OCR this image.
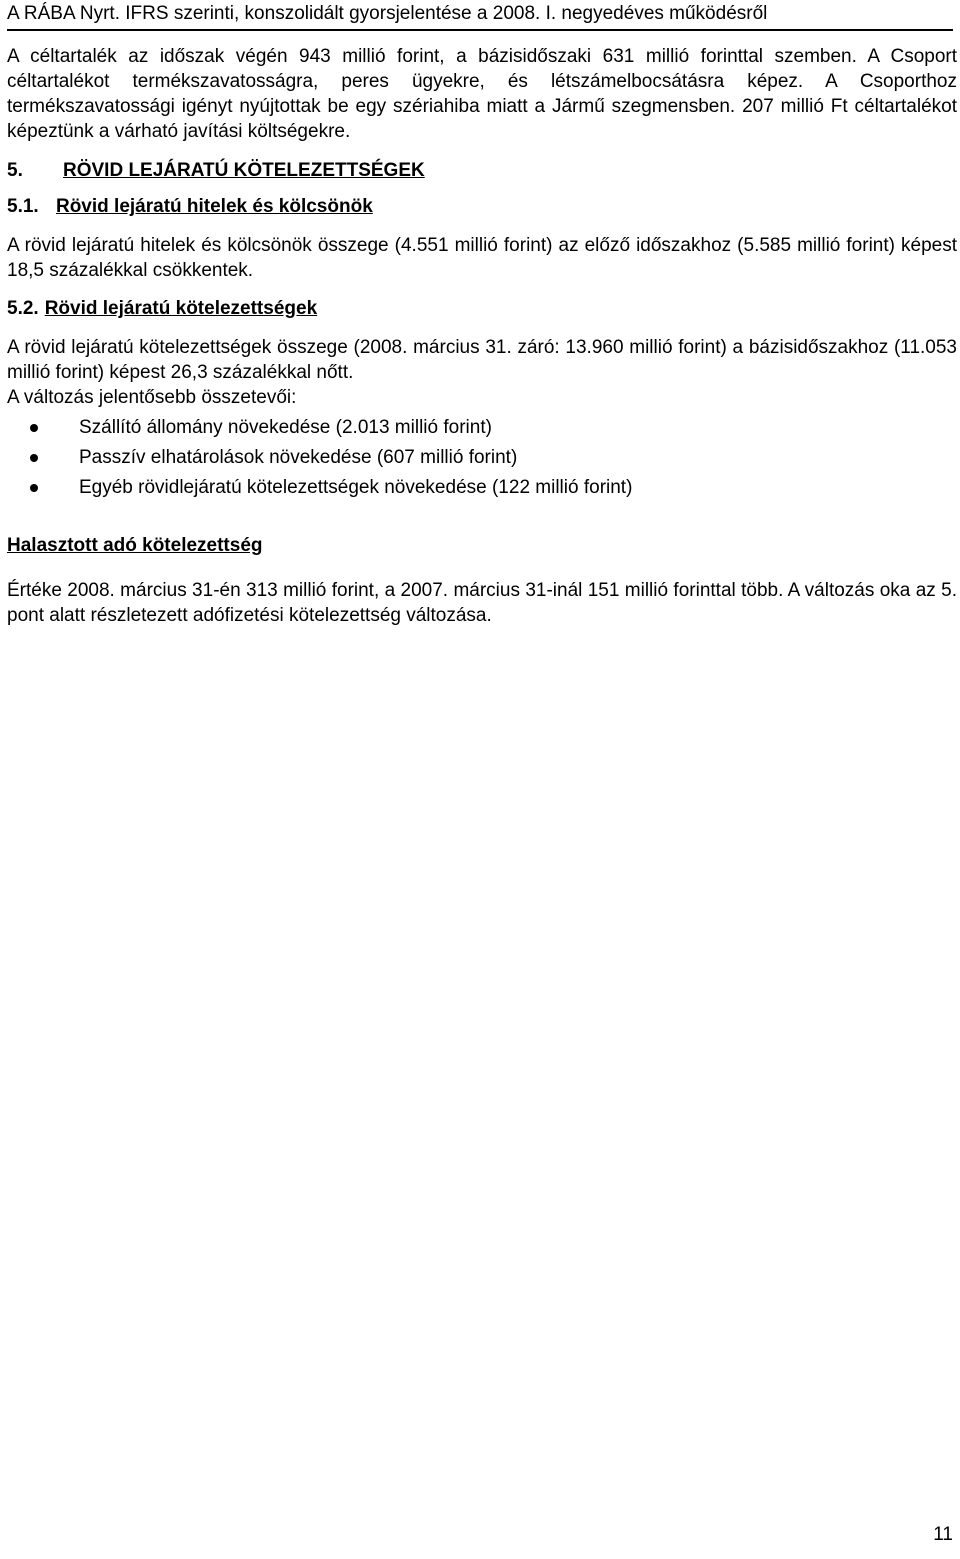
A RÁBA Nyrt. IFRS szerinti, konszolidált gyorsjelentése a 2008. I. negyedéves működésről

A céltartalék az időszak végén 943 millió forint, a bázisidőszaki 631 millió forinttal szemben. A Csoport céltartalékot termékszavatosságra, peres ügyekre, és létszámelbocsátásra képez. A Csoporthoz termékszavatossági igényt nyújtottak be egy szériahiba miatt a Jármű szegmensben. 207 millió Ft céltartalékot képeztünk a várható javítási költségekre.

5. RÖVID LEJÁRATÚ KÖTELEZETTSÉGEK
5.1. Rövid lejáratú hitelek és kölcsönök

A rövid lejáratú hitelek és kölcsönök összege (4.551 millió forint) az előző időszakhoz (5.585 millió forint) képest 18,5 százalékkal csökkentek.

5.2. Rövid lejáratú kötelezettségek

A rövid lejáratú kötelezettségek összege (2008. március 31. záró: 13.960 millió forint) a bázisidőszakhoz (11.053 millió forint) képest 26,3 százalékkal nőtt.

A változás jelentősebb összetevői:

Szállító állomány növekedése (2.013 millió forint)
Passzív elhatárolások növekedése (607 millió forint)
Egyéb rövidlejáratú kötelezettségek növekedése (122 millió forint)
Halasztott adó kötelezettség

Értéke 2008. március 31-én 313 millió forint, a 2007. március 31-inál 151 millió forinttal több. A változás oka az 5. pont alatt részletezett adófizetési kötelezettség változása.

11
